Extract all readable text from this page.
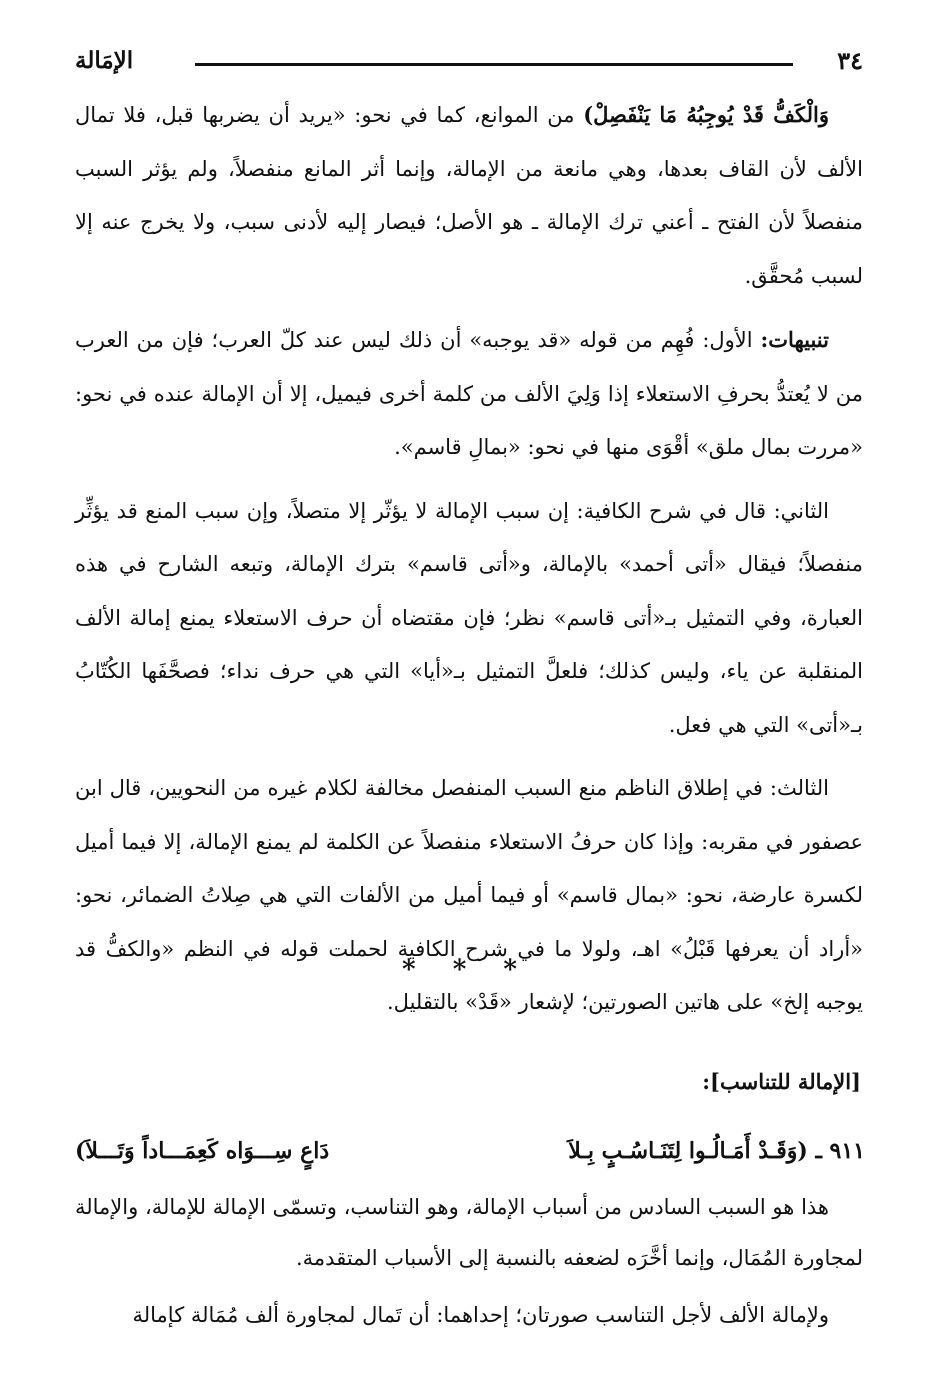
٣٤
الإمَالة

وَالْكَفُّ قَدْ يُوجِبُهُ مَا يَنْفَصِلْ) من الموانع، كما في نحو: «يريد أن يضربها قبل، فلا تمال الألف لأن القاف بعدها، وهي مانعة من الإمالة، وإنما أثر المانع منفصلاً، ولم يؤثر السبب منفصلاً لأن الفتح ـ أعني ترك الإمالة ـ هو الأصل؛ فيصار إليه لأدنى سبب، ولا يخرج عنه إلا لسبب مُحقَّق.

تنبيهات: الأول: فُهِم من قوله «قد يوجبه» أن ذلك ليس عند كلّ العرب؛ فإن من العرب من لا يُعتدُّ بحرفِ الاستعلاء إذا وَلِيَ الألف من كلمة أخرى فيميل، إلا أن الإمالة عنده في نحو: «مررت بمال ملق» أقْوَى منها في نحو: «بمالِ قاسم».

الثاني: قال في شرح الكافية: إن سبب الإمالة لا يؤثّر إلا متصلاً، وإن سبب المنع قد يؤثِّر منفصلاً؛ فيقال «أتى أحمد» بالإمالة، و«أتى قاسم» بترك الإمالة، وتبعه الشارح في هذه العبارة، وفي التمثيل بـ«أتى قاسم» نظر؛ فإن مقتضاه أن حرف الاستعلاء يمنع إمالة الألف المنقلبة عن ياء، وليس كذلك؛ فلعلَّ التمثيل بـ«أيا» التي هي حرف نداء؛ فصحَّفَها الكُتّابُ بـ«أتى» التي هي فعل.

الثالث: في إطلاق الناظم منع السبب المنفصل مخالفة لكلام غيره من النحويين، قال ابن عصفور في مقربه: وإذا كان حرفُ الاستعلاء منفصلاً عن الكلمة لم يمنع الإمالة، إلا فيما أميل لكسرة عارضة، نحو: «بمال قاسم» أو فيما أميل من الألفات التي هي صِلاتُ الضمائر، نحو: «أراد أن يعرفها قَبْلُ» اهـ، ولولا ما في شرح الكافية لحملت قوله في النظم «والكفُّ قد يوجبه إلخ» على هاتين الصورتين؛ لإشعار «قَدْ» بالتقليل.

* * *
[الإمالة للتناسب]:
٩١١ ـ (وَقَـدْ أَمَـالُـوا لِتَنَـاسُـبٍ بِـلاَ
دَاعٍ سِـــوَاه كَعِمَـــاداً وَتَـــلاَ)

هذا هو السبب السادس من أسباب الإمالة، وهو التناسب، وتسمّى الإمالة للإمالة، والإمالة لمجاورة المُمَال، وإنما أخَّرَه لضعفه بالنسبة إلى الأسباب المتقدمة.

ولإمالة الألف لأجل التناسب صورتان؛ إحداهما: أن تَمال لمجاورة ألف مُمَالة كإمالة
